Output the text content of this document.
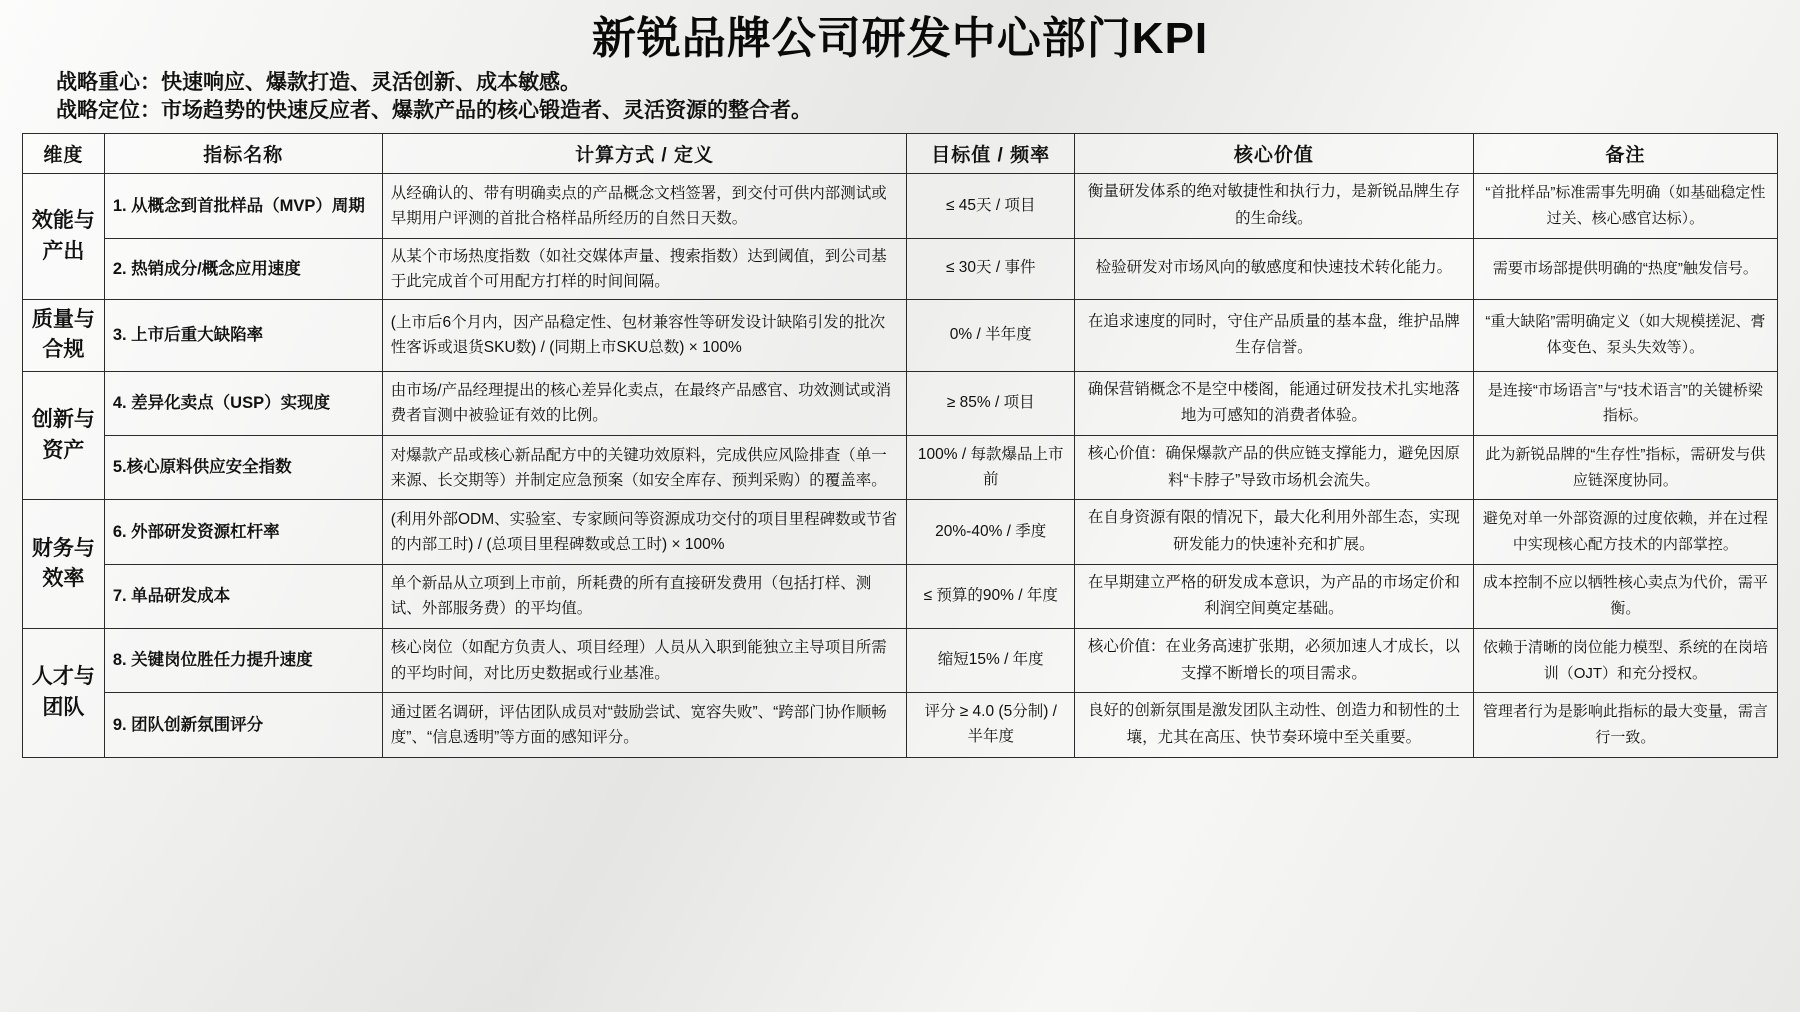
新锐品牌公司研发中心部门KPI
战略重心：快速响应、爆款打造、灵活创新、成本敏感。
战略定位：市场趋势的快速反应者、爆款产品的核心锻造者、灵活资源的整合者。
维度	指标名称	计算方式 / 定义	目标值 / 频率	核心价值	备注
效能与产出	1. 从概念到首批样品（MVP）周期	从经确认的、带有明确卖点的产品概念文档签署，到交付可供内部测试或早期用户评测的首批合格样品所经历的自然日天数。	≤ 45天 / 项目	衡量研发体系的绝对敏捷性和执行力，是新锐品牌生存的生命线。	“首批样品”标准需事先明确（如基础稳定性过关、核心感官达标）。
	2. 热销成分/概念应用速度	从某个市场热度指数（如社交媒体声量、搜索指数）达到阈值，到公司基于此完成首个可用配方打样的时间间隔。	≤ 30天 / 事件	检验研发对市场风向的敏感度和快速技术转化能力。	需要市场部提供明确的“热度”触发信号。
质量与合规	3. 上市后重大缺陷率	(上市后6个月内，因产品稳定性、包材兼容性等研发设计缺陷引发的批次性客诉或退货SKU数) / (同期上市SKU总数) × 100%	0% / 半年度	在追求速度的同时，守住产品质量的基本盘，维护品牌生存信誉。	“重大缺陷”需明确定义（如大规模搓泥、膏体变色、泵头失效等）。
创新与资产	4. 差异化卖点（USP）实现度	由市场/产品经理提出的核心差异化卖点，在最终产品感官、功效测试或消费者盲测中被验证有效的比例。	≥ 85% / 项目	确保营销概念不是空中楼阁，能通过研发技术扎实地落地为可感知的消费者体验。	是连接“市场语言”与“技术语言”的关键桥梁指标。
	5.核心原料供应安全指数	对爆款产品或核心新品配方中的关键功效原料，完成供应风险排查（单一来源、长交期等）并制定应急预案（如安全库存、预判采购）的覆盖率。	100% / 每款爆品上市前	核心价值：确保爆款产品的供应链支撑能力，避免因原料“卡脖子”导致市场机会流失。	此为新锐品牌的“生存性”指标，需研发与供应链深度协同。
财务与效率	6. 外部研发资源杠杆率	(利用外部ODM、实验室、专家顾问等资源成功交付的项目里程碑数或节省的内部工时) / (总项目里程碑数或总工时) × 100%	20%-40% / 季度	在自身资源有限的情况下，最大化利用外部生态，实现研发能力的快速补充和扩展。	避免对单一外部资源的过度依赖，并在过程中实现核心配方技术的内部掌控。
	7. 单品研发成本	单个新品从立项到上市前，所耗费的所有直接研发费用（包括打样、测试、外部服务费）的平均值。	≤ 预算的90% / 年度	在早期建立严格的研发成本意识，为产品的市场定价和利润空间奠定基础。	成本控制不应以牺牲核心卖点为代价，需平衡。
人才与团队	8. 关键岗位胜任力提升速度	核心岗位（如配方负责人、项目经理）人员从入职到能独立主导项目所需的平均时间，对比历史数据或行业基准。	缩短15% / 年度	核心价值：在业务高速扩张期，必须加速人才成长，以支撑不断增长的项目需求。	依赖于清晰的岗位能力模型、系统的在岗培训（OJT）和充分授权。
	9. 团队创新氛围评分	通过匿名调研，评估团队成员对“鼓励尝试、宽容失败”、“跨部门协作顺畅度”、“信息透明”等方面的感知评分。	评分 ≥ 4.0 (5分制) / 半年度	良好的创新氛围是激发团队主动性、创造力和韧性的土壤，尤其在高压、快节奏环境中至关重要。	管理者行为是影响此指标的最大变量，需言行一致。
